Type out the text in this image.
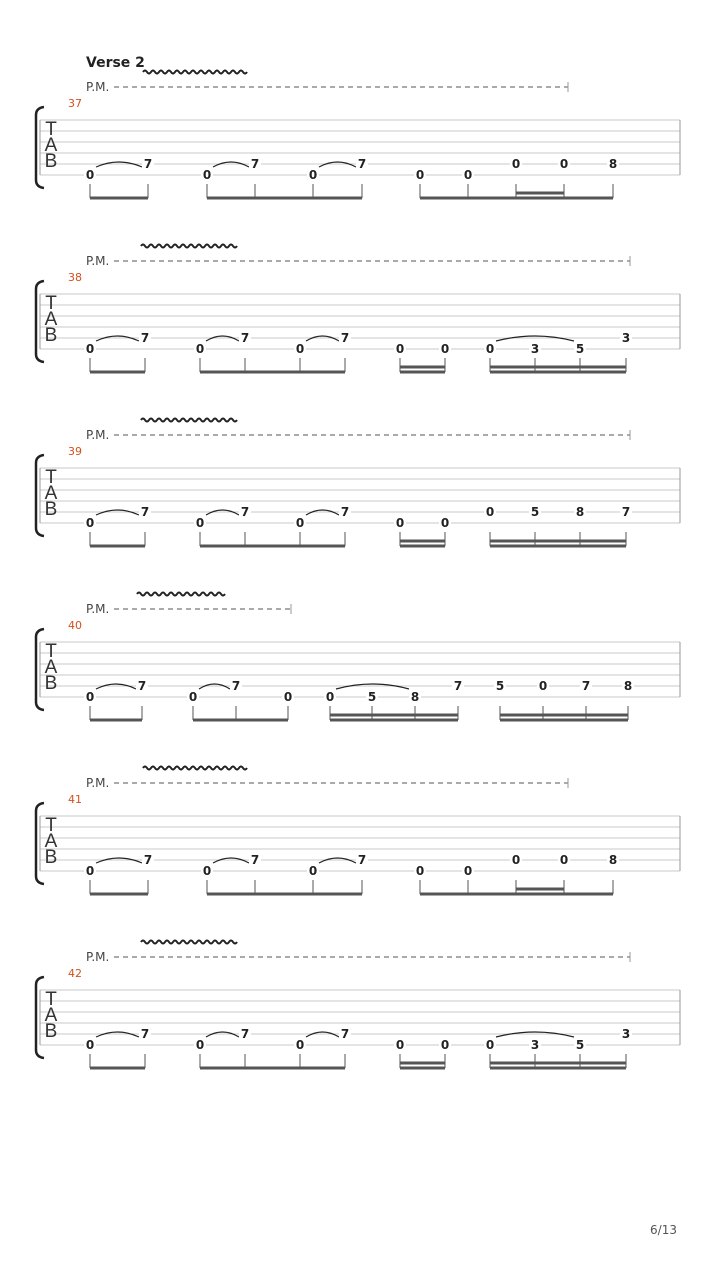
Verse 2
P.M.
37
T
A
B
0
7
0
7
0
7
0	0
0	0	8
P.M.
38
T
A
B
0
7
0
7
0
7
0	0	0	3	5
3
P.M.
39
T
A
B
0
7
0
7
0
7
0	0
0	5	8	7
P.M.
40
T
A
B
0
7
0
7
0	0	5	8
7	5	0	7	8
P.M.
41
T
A
B
0
7
0
7
0
7
0	0
0	0	8
P.M.
42
T
A
B
0
7
0
7
0
7
0	0	0	3	5
3
6/13
